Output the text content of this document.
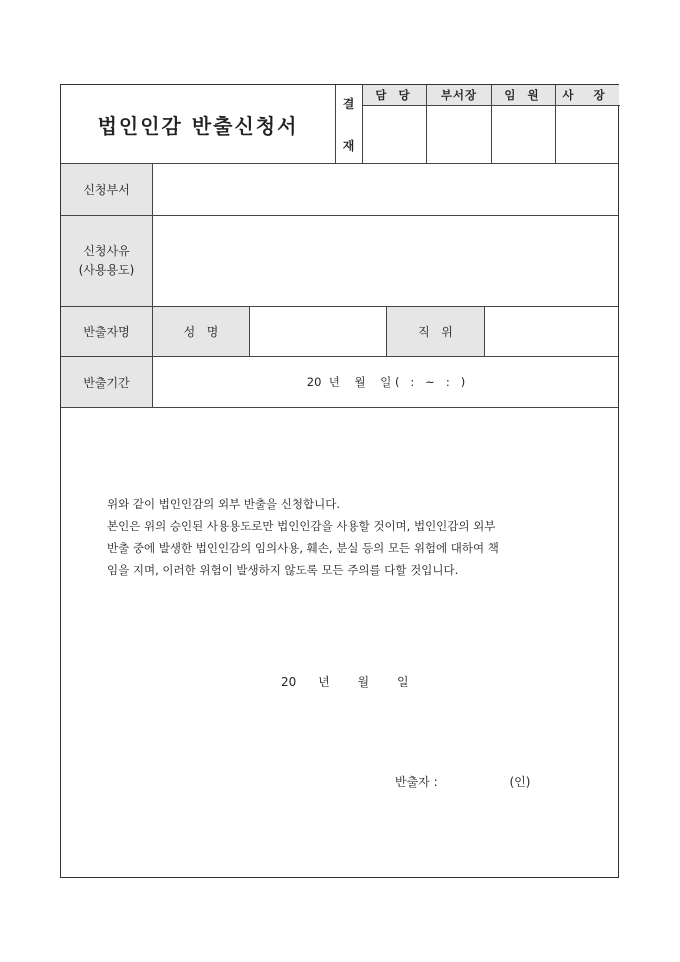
법인인감 반출신청서
결
재
담 당	부서장	임 원	사 장
신청부서
신청사유
(사용용도)
반출자명	성   명	직   위
반출기간	20  년    월    일 (   :   ~   :   )

위와 같이 법인인감의 외부 반출을 신청합니다.

본인은 위의 승인된 사용용도로만 법인인감을 사용할 것이며, 법인인감의 외부

반출 중에 발생한 법인인감의 임의사용, 훼손, 분실 등의 모든 위험에 대하여 책

임을 지며, 이러한 위험이 발생하지 않도록 모든 주의를 다할 것입니다.

20 년 월 일
반출자 :	(인)
